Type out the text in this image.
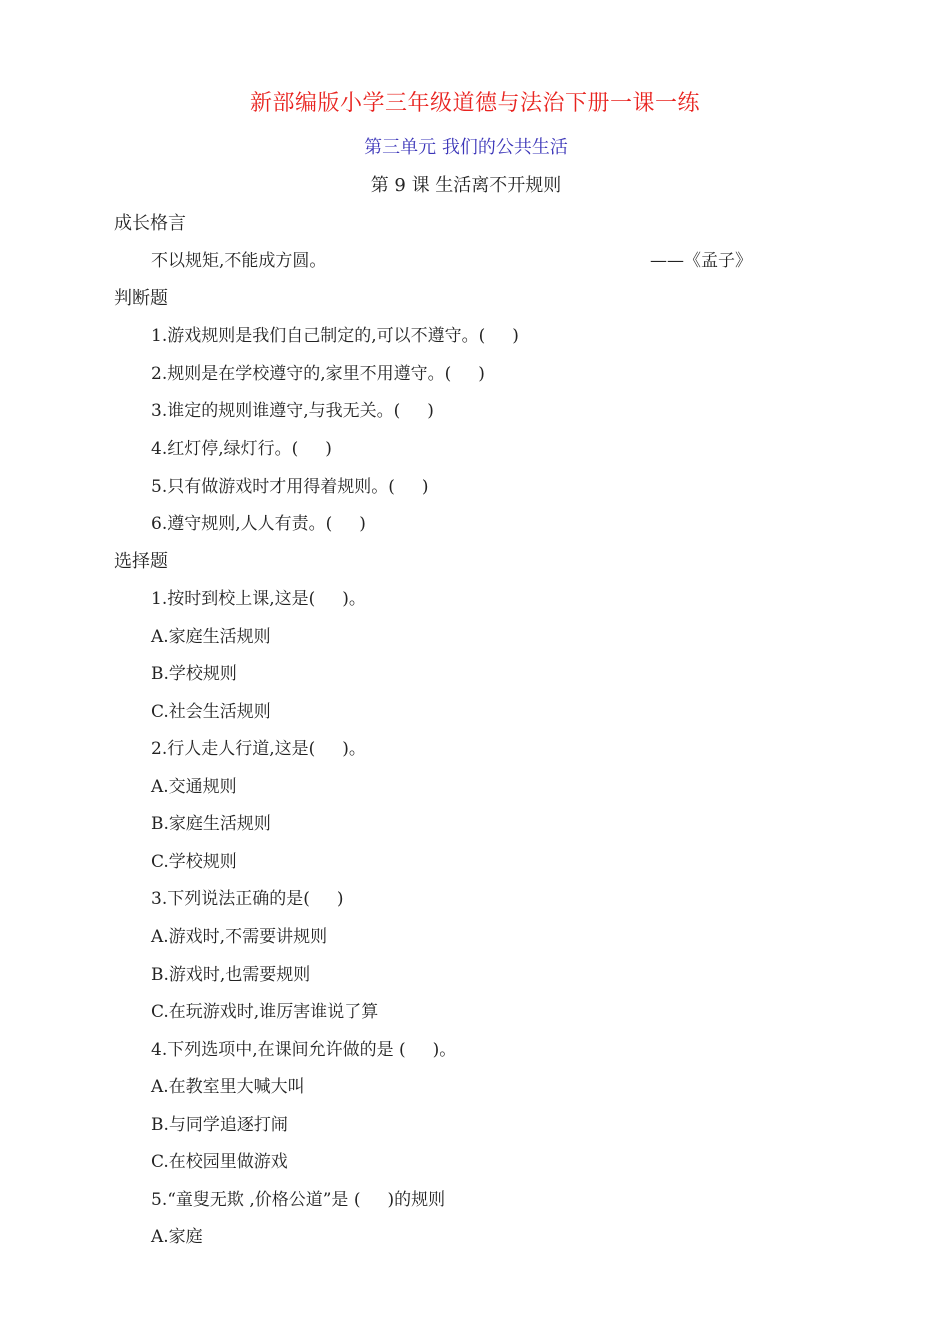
新部编版小学三年级道德与法治下册一课一练
第三单元 我们的公共生活
第 9 课 生活离不开规则
成长格言
不以规矩,不能成方圆。	——《孟子》
判断题
1.游戏规则是我们自己制定的,可以不遵守。(     )
2.规则是在学校遵守的,家里不用遵守。(     )
3.谁定的规则谁遵守,与我无关。(     )
4.红灯停,绿灯行。(     )
5.只有做游戏时才用得着规则。(     )
6.遵守规则,人人有责。(     )
选择题
1.按时到校上课,这是(     )。
A.家庭生活规则
B.学校规则
C.社会生活规则
2.行人走人行道,这是(     )。
A.交通规则
B.家庭生活规则
C.学校规则
3.下列说法正确的是(     )
A.游戏时,不需要讲规则
B.游戏时,也需要规则
C.在玩游戏时,谁厉害谁说了算
4.下列选项中,在课间允许做的是 (     )。
A.在教室里大喊大叫
B.与同学追逐打闹
C.在校园里做游戏
5.“童叟无欺 ,价格公道”是 (     )的规则
A.家庭
